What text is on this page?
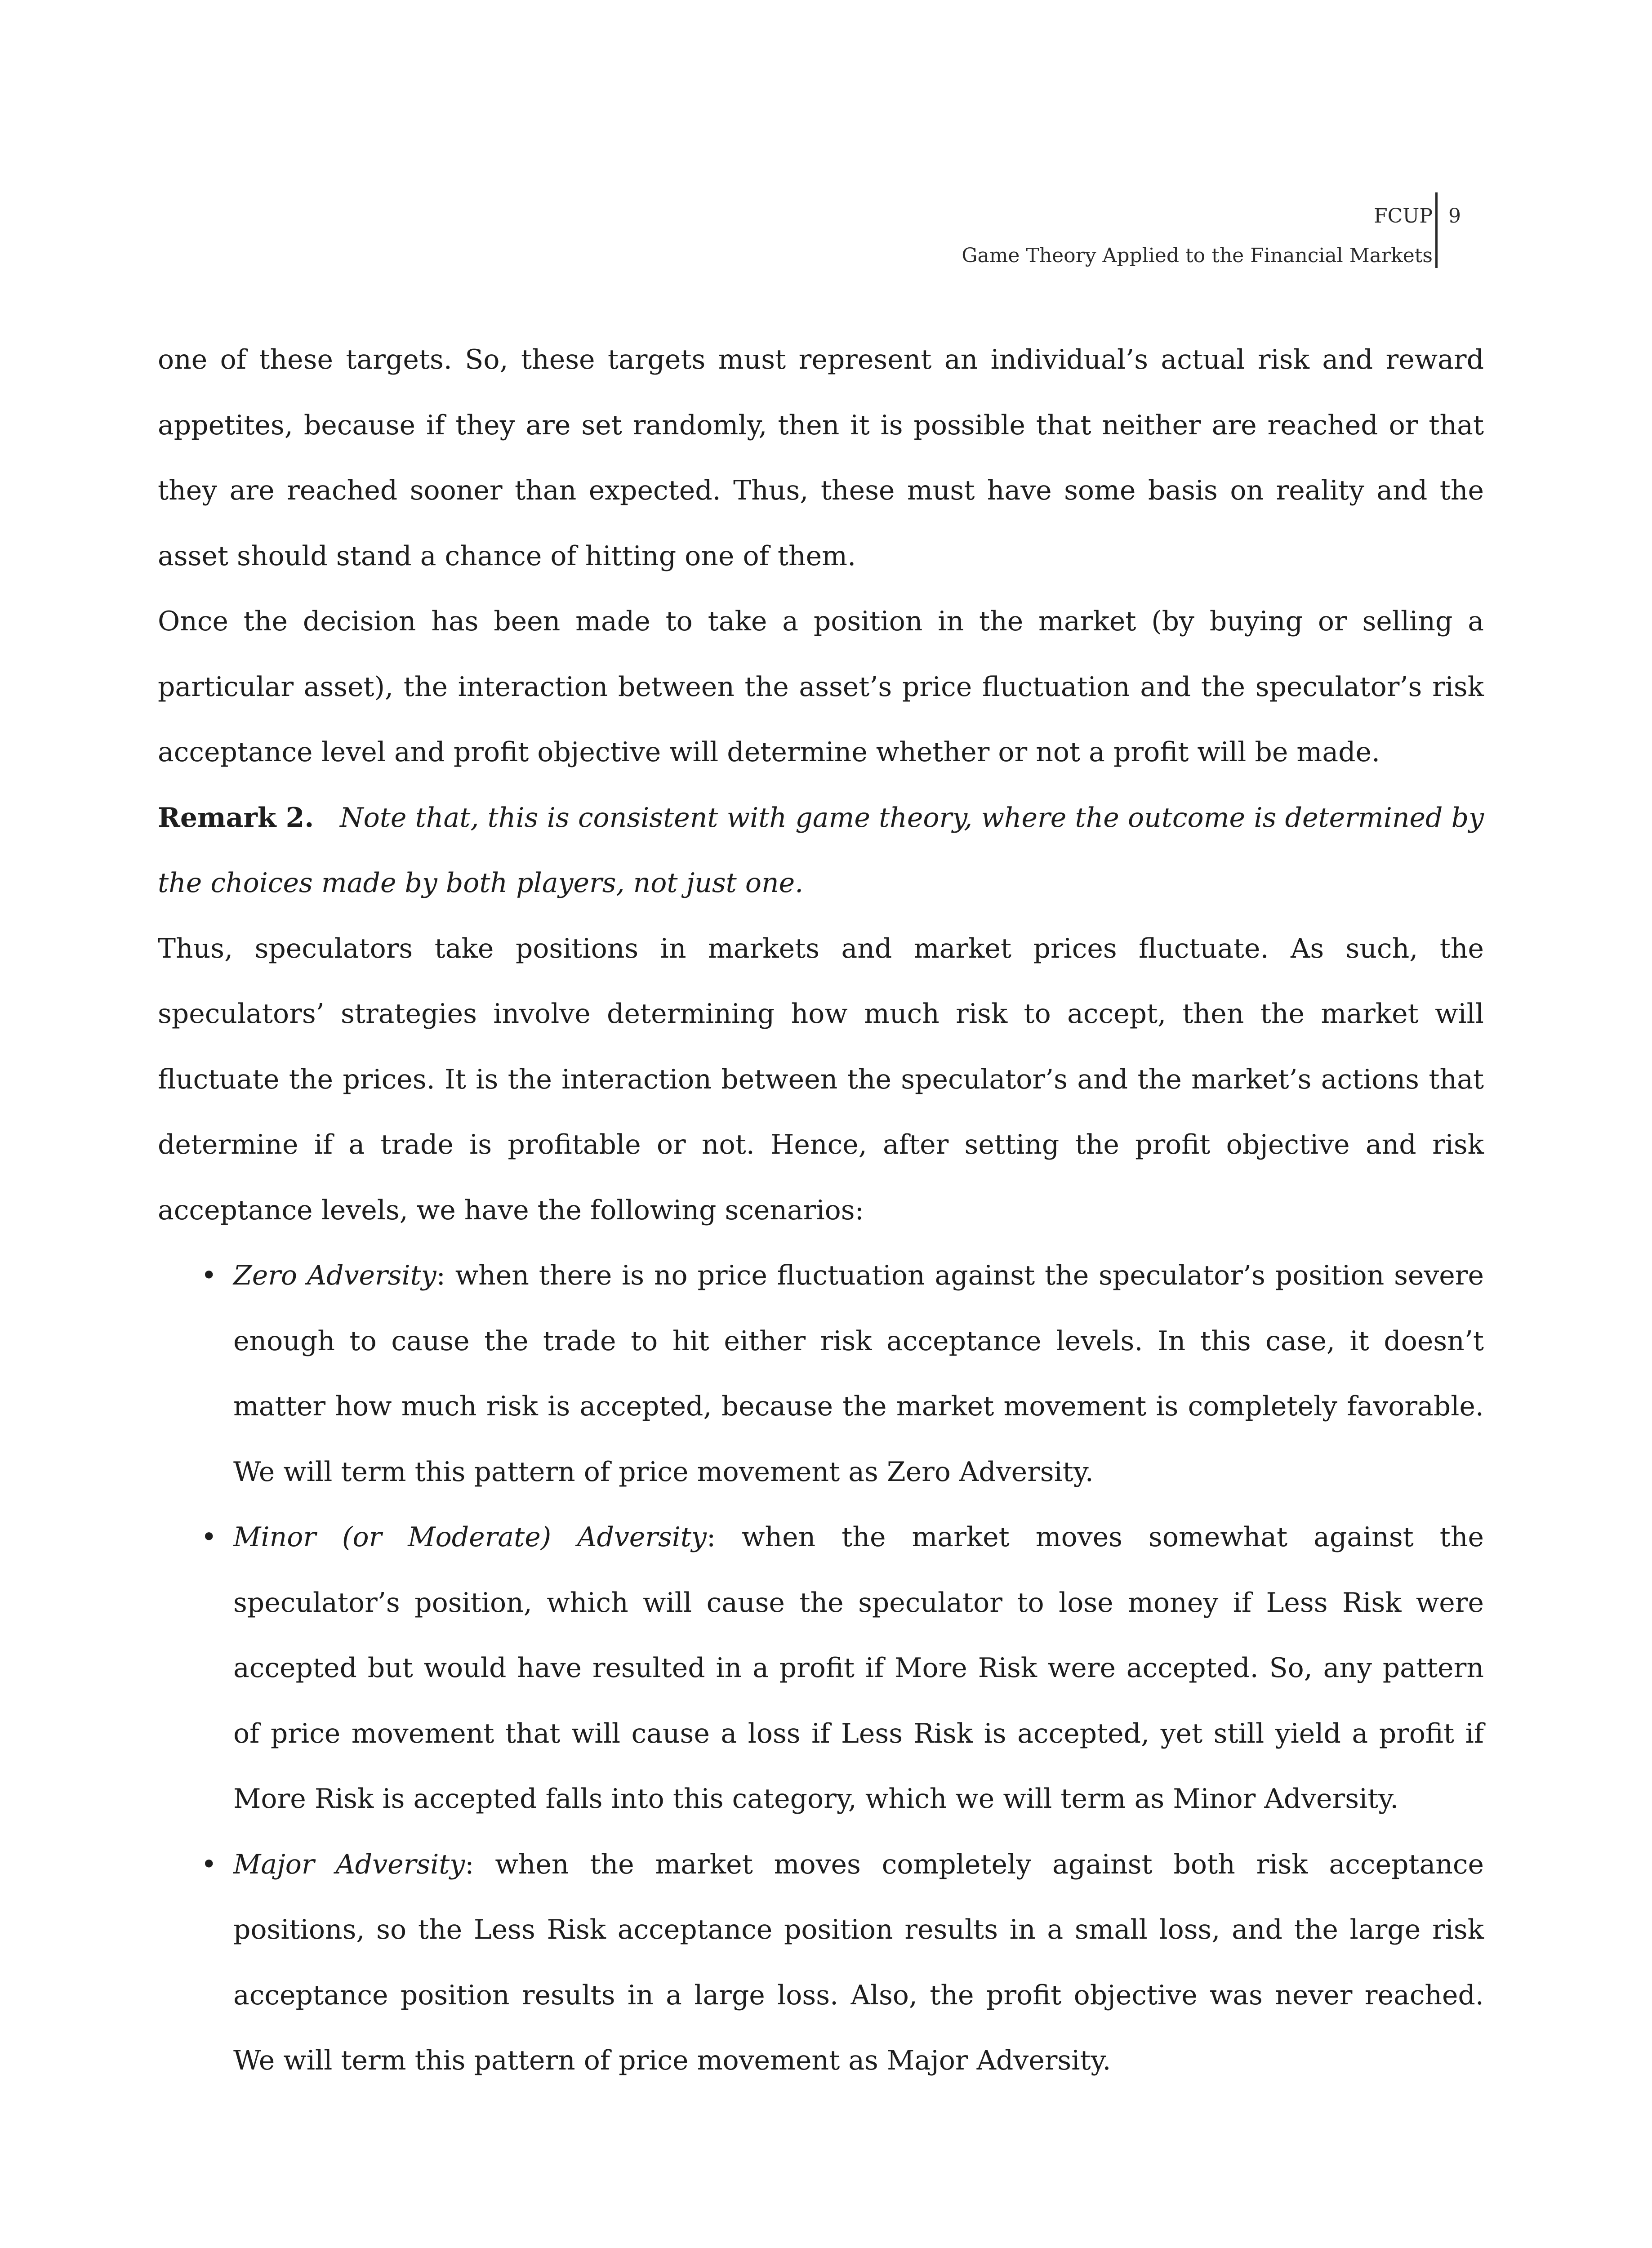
FCUP
Game Theory Applied to the Financial Markets
9

one of these targets. So, these targets must represent an individual’s actual risk and reward appetites, because if they are set randomly, then it is possible that neither are reached or that they are reached sooner than expected. Thus, these must have some basis on reality and the asset should stand a chance of hitting one of them.

Once the decision has been made to take a position in the market (by buying or selling a particular asset), the interaction between the asset’s price fluctuation and the speculator’s risk acceptance level and profit objective will determine whether or not a profit will be made.

Remark 2. Note that, this is consistent with game theory, where the outcome is determined by the choices made by both players, not just one.

Thus, speculators take positions in markets and market prices fluctuate. As such, the speculators’ strategies involve determining how much risk to accept, then the market will fluctuate the prices. It is the interaction between the speculator’s and the market’s actions that determine if a trade is profitable or not. Hence, after setting the profit objective and risk acceptance levels, we have the following scenarios:

• Zero Adversity: when there is no price fluctuation against the speculator’s position severe enough to cause the trade to hit either risk acceptance levels. In this case, it doesn’t matter how much risk is accepted, because the market movement is completely favorable. We will term this pattern of price movement as Zero Adversity.
• Minor (or Moderate) Adversity: when the market moves somewhat against the speculator’s position, which will cause the speculator to lose money if Less Risk were accepted but would have resulted in a profit if More Risk were accepted. So, any pattern of price movement that will cause a loss if Less Risk is accepted, yet still yield a profit if More Risk is accepted falls into this category, which we will term as Minor Adversity.
• Major Adversity: when the market moves completely against both risk acceptance positions, so the Less Risk acceptance position results in a small loss, and the large risk acceptance position results in a large loss. Also, the profit objective was never reached. We will term this pattern of price movement as Major Adversity.
